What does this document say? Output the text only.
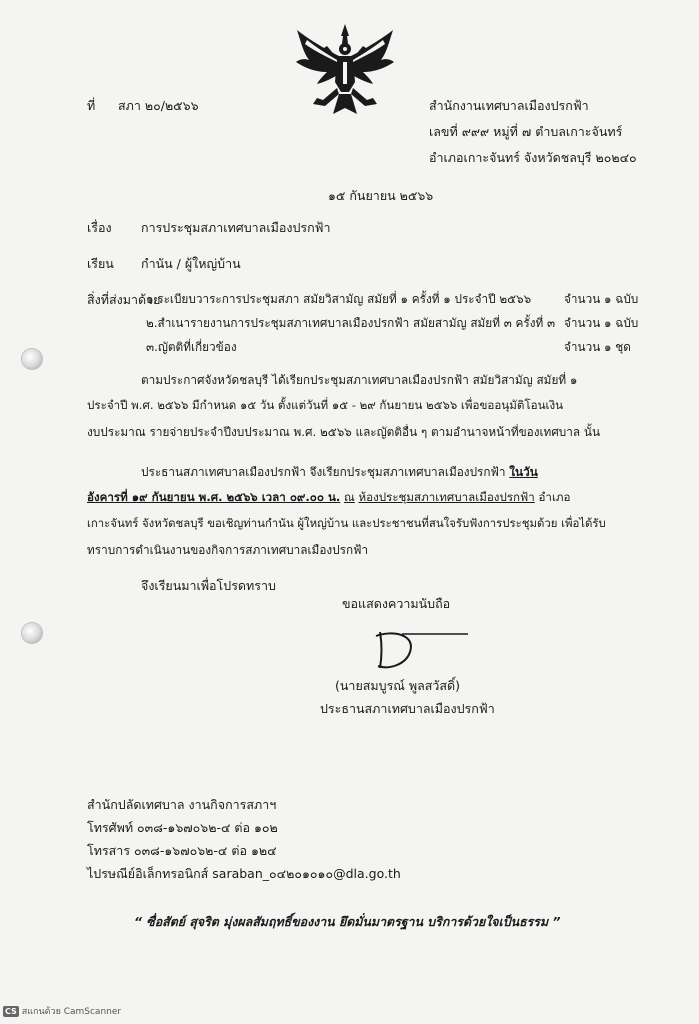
ที่ สภา ๒๐/๒๕๖๖	สำนักงานเทศบาลเมืองปรกฟ้า
เลขที่ ๙๙๙ หมู่ที่ ๗ ตำบลเกาะจันทร์
อำเภอเกาะจันทร์ จังหวัดชลบุรี ๒๐๒๔๐
๑๕ กันยายน ๒๕๖๖
เรื่อง การประชุมสภาเทศบาลเมืองปรกฟ้า
เรียน กำนัน / ผู้ใหญ่บ้าน
สิ่งที่ส่งมาด้วย
๑.ระเบียบวาระการประชุมสภา สมัยวิสามัญ สมัยที่ ๑ ครั้งที่ ๑ ประจำปี ๒๕๖๖	จำนวน ๑ ฉบับ
๒.สำเนารายงานการประชุมสภาเทศบาลเมืองปรกฟ้า สมัยสามัญ สมัยที่ ๓ ครั้งที่ ๓ จำนวน ๑ ฉบับ
๓.ญัตติที่เกี่ยวข้อง	จำนวน ๑ ชุด
ตามประกาศจังหวัดชลบุรี ได้เรียกประชุมสภาเทศบาลเมืองปรกฟ้า สมัยวิสามัญ สมัยที่ ๑
ประจำปี พ.ศ. ๒๕๖๖ มีกำหนด ๑๕ วัน ตั้งแต่วันที่ ๑๕ - ๒๙ กันยายน ๒๕๖๖ เพื่อขออนุมัติโอนเงิน
งบประมาณ รายจ่ายประจำปีงบประมาณ พ.ศ. ๒๕๖๖ และญัตติอื่น ๆ ตามอำนาจหน้าที่ของเทศบาล นั้น
ประธานสภาเทศบาลเมืองปรกฟ้า จึงเรียกประชุมสภาเทศบาลเมืองปรกฟ้า ในวัน
อังคารที่ ๑๙ กันยายน พ.ศ. ๒๕๖๖ เวลา ๐๙.๐๐ น. ณ ห้องประชุมสภาเทศบาลเมืองปรกฟ้า อำเภอ
เกาะจันทร์ จังหวัดชลบุรี ขอเชิญท่านกำนัน ผู้ใหญ่บ้าน และประชาชนที่สนใจรับฟังการประชุมด้วย เพื่อได้รับ
ทราบการดำเนินงานของกิจการสภาเทศบาลเมืองปรกฟ้า
จึงเรียนมาเพื่อโปรดทราบ
ขอแสดงความนับถือ
(นายสมบูรณ์ พูลสวัสดิ์)
ประธานสภาเทศบาลเมืองปรกฟ้า
สำนักปลัดเทศบาล งานกิจการสภาฯ
โทรศัพท์ ๐๓๘-๑๖๗๐๖๒-๔ ต่อ ๑๐๒
โทรสาร ๐๓๘-๑๖๗๐๖๒-๔ ต่อ ๑๒๔
ไปรษณีย์อิเล็กทรอนิกส์ saraban_๐๔๒๐๑๐๑๐@dla.go.th
“ ซื่อสัตย์ สุจริต มุ่งผลสัมฤทธิ์ของงาน ยึดมั่นมาตรฐาน บริการด้วยใจเป็นธรรม ”
CS สแกนด้วย CamScanner
